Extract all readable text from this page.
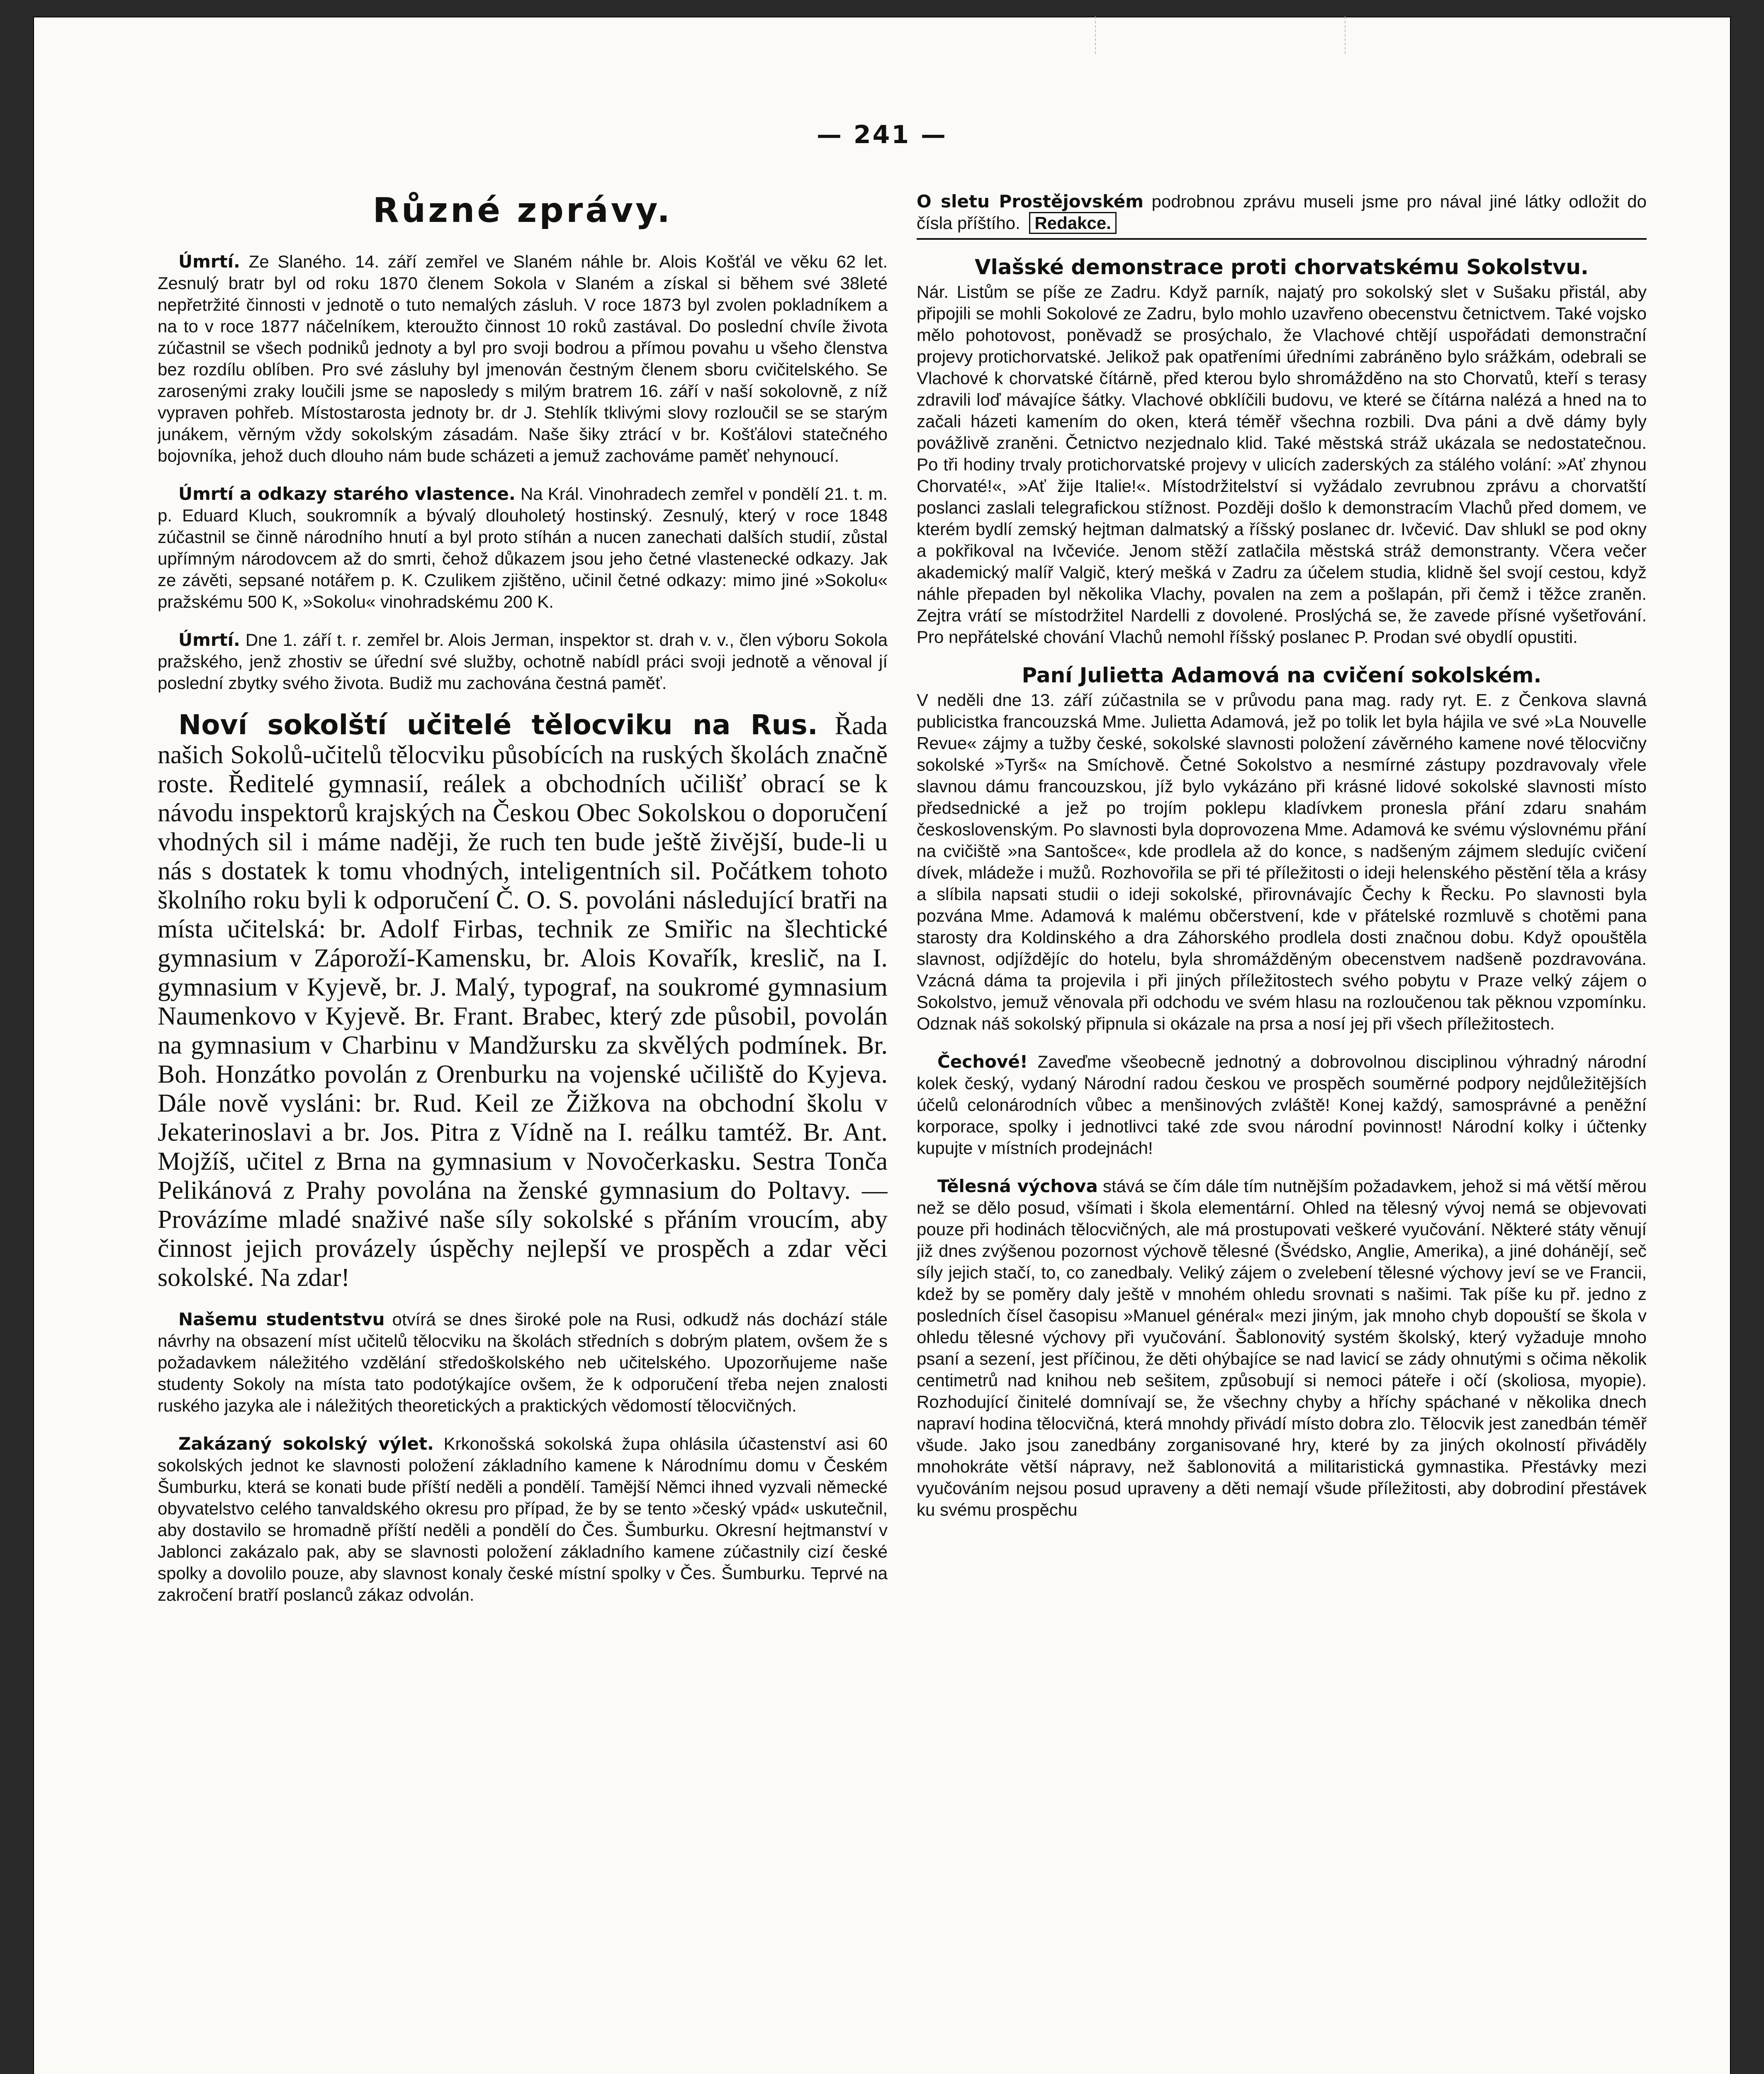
— 241 —
Různé zprávy.

Úmrtí. Ze Slaného. 14. září zemřel ve Slaném náhle br. Alois Košťál ve věku 62 let. Zesnulý bratr byl od roku 1870 členem Sokola v Slaném a získal si během své 38leté nepřetržité činnosti v jednotě o tuto nemalých zásluh. V roce 1873 byl zvolen pokladníkem a na to v roce 1877 náčelníkem, kteroužto činnost 10 roků zastával. Do poslední chvíle života zúčastnil se všech podniků jednoty a byl pro svoji bodrou a přímou povahu u všeho členstva bez rozdílu oblíben. Pro své zásluhy byl jmenován čestným členem sboru cvičitelského. Se zarosenými zraky loučili jsme se naposledy s milým bratrem 16. září v naší sokolovně, z níž vypraven pohřeb. Místostarosta jednoty br. dr J. Stehlík tklivými slovy rozloučil se se starým junákem, věrným vždy sokolským zásadám. Naše šiky ztrácí v br. Košťálovi statečného bojovníka, jehož duch dlouho nám bude scházeti a jemuž zachováme paměť nehynoucí.

Úmrtí a odkazy starého vlastence. Na Král. Vinohradech zemřel v pondělí 21. t. m. p. Eduard Kluch, soukromník a bývalý dlouholetý hostinský. Zesnulý, který v roce 1848 zúčastnil se činně národního hnutí a byl proto stíhán a nucen zanechati dalších studií, zůstal upřímným národovcem až do smrti, čehož důkazem jsou jeho četné vlastenecké odkazy. Jak ze závěti, sepsané notářem p. K. Czulikem zjištěno, učinil četné odkazy: mimo jiné »Sokolu« pražskému 500 K, »Sokolu« vinohradskému 200 K.

Úmrtí. Dne 1. září t. r. zemřel br. Alois Jerman, inspektor st. drah v. v., člen výboru Sokola pražského, jenž zhostiv se úřední své služby, ochotně nabídl práci svoji jednotě a věnoval jí poslední zbytky svého života. Budiž mu zachována čestná paměť.

Noví sokolští učitelé tělocviku na Rus. Řada našich Sokolů-učitelů tělocviku působících na ruských školách značně roste. Ředitelé gymnasií, reálek a obchodních učilišť obrací se k návodu inspektorů krajských na Českou Obec Sokolskou o doporučení vhodných sil i máme naději, že ruch ten bude ještě živější, bude-li u nás s dostatek k tomu vhodných, inteligentních sil. Počátkem tohoto školního roku byli k odporučení Č. O. S. povoláni následující bratři na místa učitelská: br. Adolf Firbas, technik ze Smiřic na šlechtické gymnasium v Záporoží-Kamensku, br. Alois Kovařík, kreslič, na I. gymnasium v Kyjevě, br. J. Malý, typograf, na soukromé gymnasium Naumenkovo v Kyjevě. Br. Frant. Brabec, který zde působil, povolán na gymnasium v Charbinu v Mandžursku za skvělých podmínek. Br. Boh. Honzátko povolán z Orenburku na vojenské učiliště do Kyjeva. Dále nově vysláni: br. Rud. Keil ze Žižkova na obchodní školu v Jekaterinoslavi a br. Jos. Pitra z Vídně na I. reálku tamtéž. Br. Ant. Mojžíš, učitel z Brna na gymnasium v Novočerkasku. Sestra Tonča Pelikánová z Prahy povolána na ženské gymnasium do Poltavy. — Provázíme mladé snaživé naše síly sokolské s přáním vroucím, aby činnost jejich provázely úspěchy nejlepší ve prospěch a zdar věci sokolské. Na zdar!

Našemu studentstvu otvírá se dnes široké pole na Rusi, odkudž nás dochází stále návrhy na obsazení míst učitelů tělocviku na školách středních s dobrým platem, ovšem že s požadavkem náležitého vzdělání středoškolského neb učitelského. Upozorňujeme naše studenty Sokoly na místa tato podotýkajíce ovšem, že k odporučení třeba nejen znalosti ruského jazyka ale i náležitých theoretických a praktických vědomostí tělocvičných.

Zakázaný sokolský výlet. Krkonošská sokolská župa ohlásila účastenství asi 60 sokolských jednot ke slavnosti položení základního kamene k Národnímu domu v Českém Šumburku, která se konati bude příští neděli a pondělí. Tamější Němci ihned vyzvali německé obyvatelstvo celého tanvaldského okresu pro případ, že by se tento »český vpád« uskutečnil, aby dostavilo se hromadně příští neděli a pondělí do Čes. Šumburku. Okresní hejtmanství v Jablonci zakázalo pak, aby se slavnosti položení základního kamene zúčastnily cizí české spolky a dovolilo pouze, aby slavnost konaly české místní spolky v Čes. Šumburku. Teprvé na zakročení bratří poslanců zákaz odvolán.

O sletu Prostějovském podrobnou zprávu museli jsme pro nával jiné látky odložit do čísla příštího. Redakce.

Vlašské demonstrace proti chorvatskému Sokolstvu.
Nár. Listům se píše ze Zadru. Když parník, najatý pro sokolský slet v Sušaku přistál, aby připojili se mohli Sokolové ze Zadru, bylo mohlo uzavřeno obecenstvu četnictvem. Také vojsko mělo pohotovost, poněvadž se prosýchalo, že Vlachové chtějí uspořádati demonstrační projevy protichorvatské. Jelikož pak opatřeními úředními zabráněno bylo srážkám, odebrali se Vlachové k chorvatské čítárně, před kterou bylo shromážděno na sto Chorvatů, kteří s terasy zdravili loď mávajíce šátky. Vlachové obklíčili budovu, ve které se čítárna nalézá a hned na to začali házeti kamením do oken, která téměř všechna rozbili. Dva páni a dvě dámy byly povážlivě zraněni. Četnictvo nezjednalo klid. Také městská stráž ukázala se nedostatečnou. Po tři hodiny trvaly protichorvatské projevy v ulicích zaderských za stálého volání: »Ať zhynou Chorvaté!«, »Ať žije Italie!«. Místodržitelství si vyžádalo zevrubnou zprávu a chorvatští poslanci zaslali telegrafickou stížnost. Později došlo k demonstracím Vlachů před domem, ve kterém bydlí zemský hejtman dalmatský a říšský poslanec dr. Ivčević. Dav shlukl se pod okny a pokřikoval na Ivčeviće. Jenom stěží zatlačila městská stráž demonstranty. Včera večer akademický malíř Valgič, který mešká v Zadru za účelem studia, klidně šel svojí cestou, když náhle přepaden byl několika Vlachy, povalen na zem a pošlapán, při čemž i těžce zraněn. Zejtra vrátí se místodržitel Nardelli z dovolené. Proslýchá se, že zavede přísné vyšetřování. Pro nepřátelské chování Vlachů nemohl říšský poslanec P. Prodan své obydlí opustiti.

Paní Julietta Adamová na cvičení sokolském.
V neděli dne 13. září zúčastnila se v průvodu pana mag. rady ryt. E. z Čenkova slavná publicistka francouzská Mme. Julietta Adamová, jež po tolik let byla hájila ve své »La Nouvelle Revue« zájmy a tužby české, sokolské slavnosti položení závěrného kamene nové tělocvičny sokolské »Tyrš« na Smíchově. Četné Sokolstvo a nesmírné zástupy pozdravovaly vřele slavnou dámu francouzskou, jíž bylo vykázáno při krásné lidové sokolské slavnosti místo předsednické a jež po trojím poklepu kladívkem pronesla přání zdaru snahám československým. Po slavnosti byla doprovozena Mme. Adamová ke svému výslovnému přání na cvičiště »na Santošce«, kde prodlela až do konce, s nadšeným zájmem sledujíc cvičení dívek, mládeže i mužů. Rozhovořila se při té příležitosti o ideji helenského pěstění těla a krásy a slíbila napsati studii o ideji sokolské, přirovnávajíc Čechy k Řecku. Po slavnosti byla pozvána Mme. Adamová k malému občerstvení, kde v přátelské rozmluvě s chotěmi pana starosty dra Koldinského a dra Záhorského prodlela dosti značnou dobu. Když opouštěla slavnost, odjíždějíc do hotelu, byla shromážděným obecenstvem nadšeně pozdravována. Vzácná dáma ta projevila i při jiných příležitostech svého pobytu v Praze velký zájem o Sokolstvo, jemuž věnovala při odchodu ve svém hlasu na rozloučenou tak pěknou vzpomínku. Odznak náš sokolský připnula si okázale na prsa a nosí jej při všech příležitostech.

Čechové! Zaveďme všeobecně jednotný a dobrovolnou disciplinou výhradný národní kolek český, vydaný Národní radou českou ve prospěch souměrné podpory nejdůležitějších účelů celonárodních vůbec a menšinových zvláště! Konej každý, samosprávné a peněžní korporace, spolky i jednotlivci také zde svou národní povinnost! Národní kolky i účtenky kupujte v místních prodejnách!

Tělesná výchova stává se čím dále tím nutnějším požadavkem, jehož si má větší měrou než se dělo posud, všímati i škola elementární. Ohled na tělesný vývoj nemá se objevovati pouze při hodinách tělocvičných, ale má prostupovati veškeré vyučování. Některé státy věnují již dnes zvýšenou pozornost výchově tělesné (Švédsko, Anglie, Amerika), a jiné dohánějí, seč síly jejich stačí, to, co zanedbaly. Veliký zájem o zvelebení tělesné výchovy jeví se ve Francii, kdež by se poměry daly ještě v mnohém ohledu srovnati s našimi. Tak píše ku př. jedno z posledních čísel časopisu »Manuel général« mezi jiným, jak mnoho chyb dopouští se škola v ohledu tělesné výchovy při vyučování. Šablonovitý systém školský, který vyžaduje mnoho psaní a sezení, jest příčinou, že děti ohýbajíce se nad lavicí se zády ohnutými s očima několik centimetrů nad knihou neb sešitem, způsobují si nemoci páteře i očí (skoliosa, myopie). Rozhodující činitelé domnívají se, že všechny chyby a hříchy spáchané v několika dnech napraví hodina tělocvičná, která mnohdy přivádí místo dobra zlo. Tělocvik jest zanedbán téměř všude. Jako jsou zanedbány zorganisované hry, které by za jiných okolností přiváděly mnohokráte větší nápravy, než šablonovitá a militaristická gymnastika. Přestávky mezi vyučováním nejsou posud upraveny a děti nemají všude příležitosti, aby dobrodiní přestávek ku svému prospěchu
